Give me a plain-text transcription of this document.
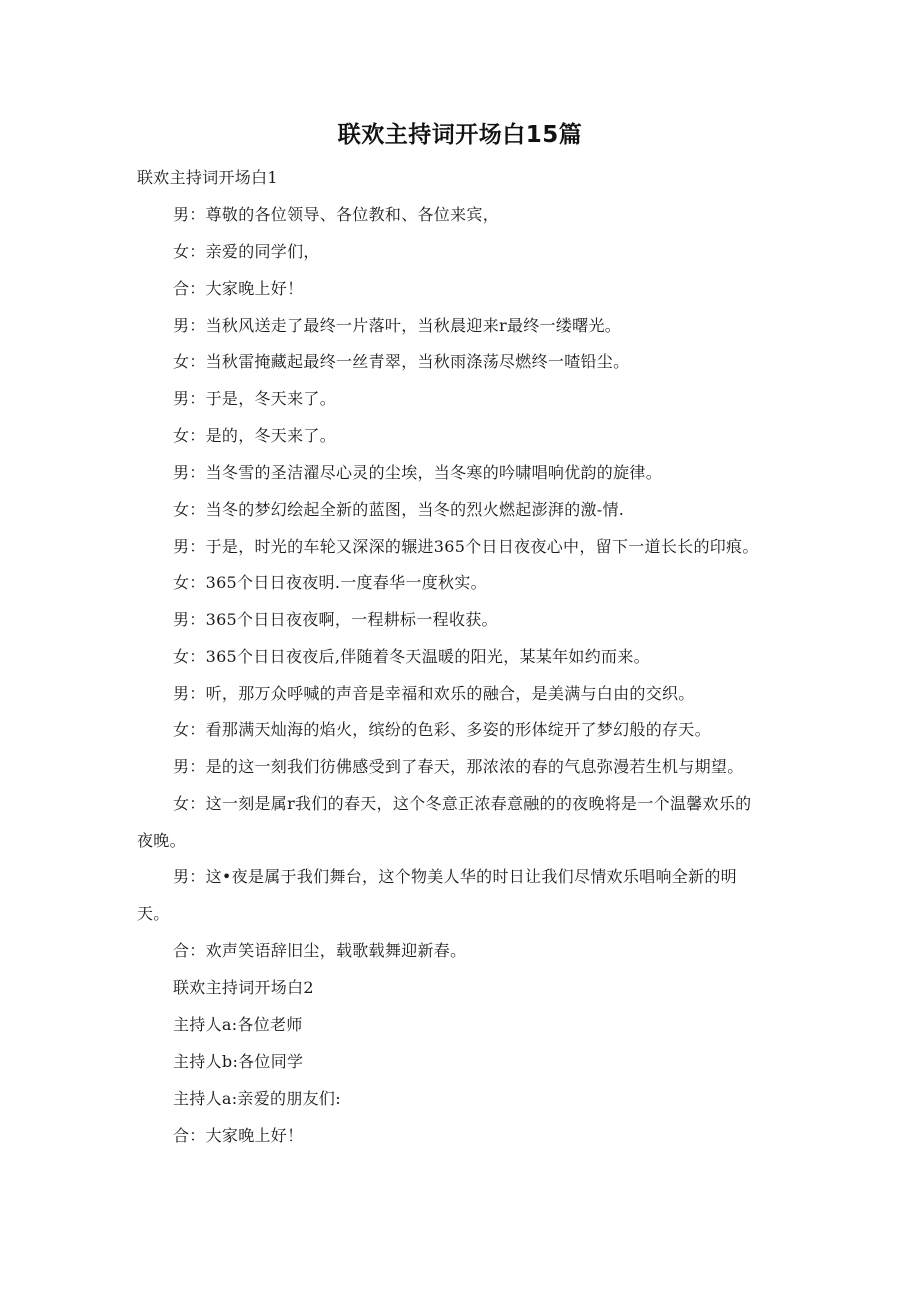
联欢主持词开场白15篇
联欢主持词开场白1
男：尊敬的各位领导、各位教和、各位来宾，
女：亲爱的同学们，
合：大家晚上好！
男：当秋风送走了最终一片落叶，当秋晨迎来r最终一缕曙光。
女：当秋雷掩藏起最终一丝青翠，当秋雨涤荡尽燃终一喳铅尘。
男：于是，冬天来了。
女：是的，冬天来了。
男：当冬雪的圣洁濯尽心灵的尘埃，当冬寒的吟啸唱响优韵的旋律。
女：当冬的梦幻绘起全新的蓝图，当冬的烈火燃起澎湃的激-情.
男：于是，时光的车轮又深深的辗进365个日日夜夜心中，留下一道长长的印痕。
女：365个日日夜夜明.一度春华一度秋实。
男：365个日日夜夜啊，一程耕标一程收获。
女：365个日日夜夜后,伴随着冬天温暖的阳光，某某年如约而来。
男：听，那万众呼喊的声音是幸福和欢乐的融合，是美满与白由的交织。
女：看那满天灿海的焰火，缤纷的色彩、多姿的形体绽开了梦幻般的存天。
男：是的这一刻我们彷佛感受到了春天，那浓浓的春的气息弥漫若生机与期望。
女：这一刻是属r我们的春天，这个冬意正浓春意融的的夜晚将是一个温馨欢乐的
夜晚。
男：这•夜是属于我们舞台，这个物美人华的时日让我们尽情欢乐唱响全新的明
天。
合：欢声笑语辞旧尘，载歌载舞迎新春。
联欢主持词开场白2
主持人a:各位老师
主持人b:各位同学
主持人a:亲爱的朋友们:
合：大家晚上好！
